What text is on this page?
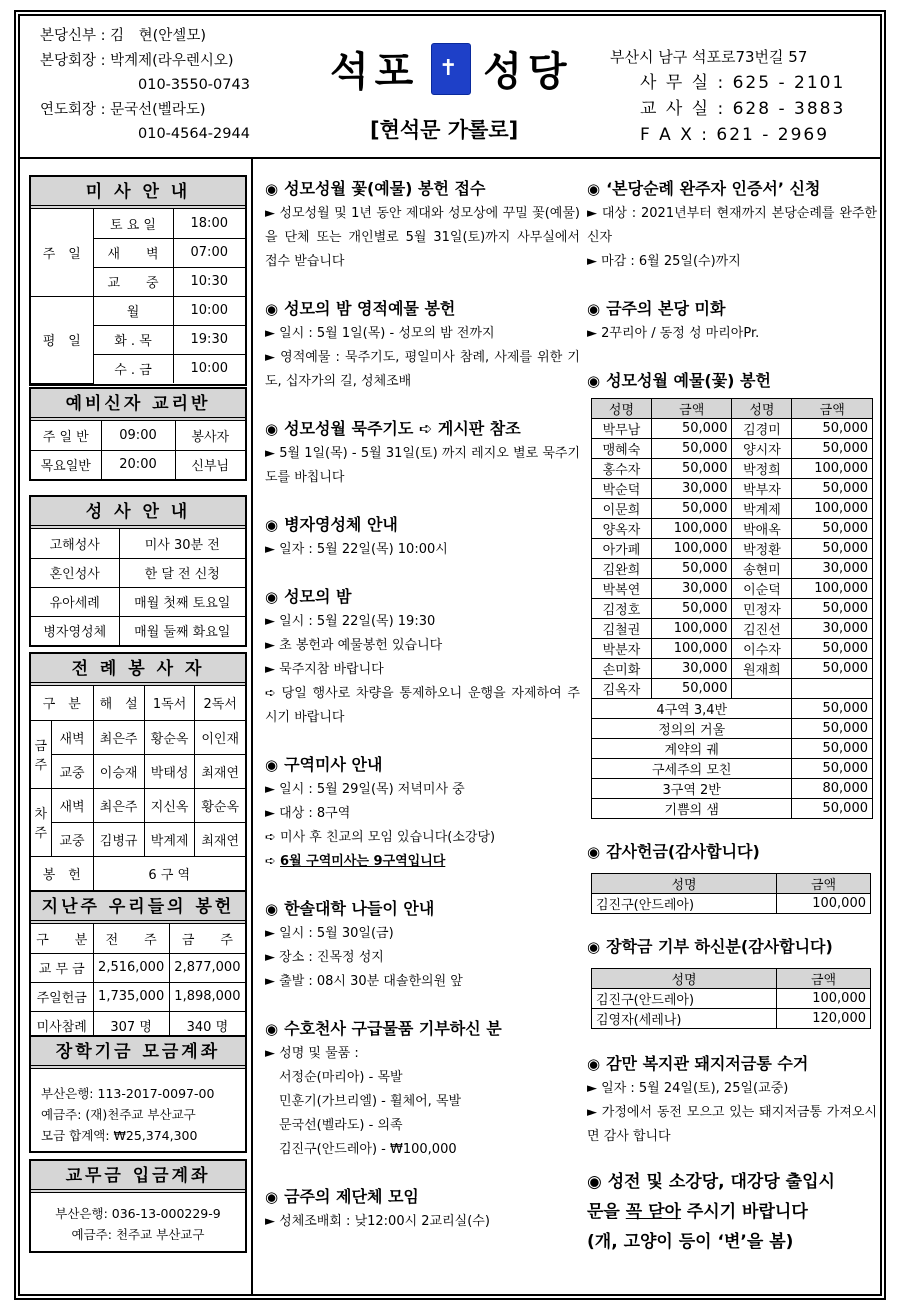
본당신부 : 김　현(안셀모)
본당회장 : 박계제(라우렌시오)
010-3550-0743
연도회장 : 문국선(벨라도)
010-4564-2944
석포 ✝ 성당
[현석문 가롤로]
부산시 남구 석포로73번길 57
사 무 실 : 625 - 2101
교 사 실 : 628 - 3883
F A X : 621 - 2969
미 사 안 내
주　일	토 요 일	18:00
	새　　벽	07:00
	교　　중	10:30
평　일	월	10:00
	화 . 목	19:30
	수 . 금	10:00
예비신자 교리반
주 일 반	09:00	봉사자
목요일반	20:00	신부님
성 사 안 내
고해성사	미사 30분 전
혼인성사	한 달 전 신청
유아세례	매월 첫째 토요일
병자영성체	매월 둘째 화요일
전 례 봉 사 자
구　분		해　설	1독서	2독서
금
주	새벽	최은주	황순옥	이인재
	교중	이승재	박태성	최재연
차
주	새벽	최은주	지신옥	황순옥
	교중	김병규	박계제	최재연
봉　헌		6 구 역		
지난주 우리들의 봉헌
구　　분	전　　주	금　　주
교 무 금	2,516,000	2,877,000
주일헌금	1,735,000	1,898,000
미사참례	307 명	340 명
장학기금 모금계좌
부산은행: 113-2017-0097-00
예금주: (재)천주교 부산교구
모금 합계액: ₩25,374,300
교무금 입금계좌
부산은행: 036-13-000229-9
예금주: 천주교 부산교구
◉ 성모성월 꽃(예물) 봉헌 접수
► 성모성월 및 1년 동안 제대와 성모상에 꾸밀 꽃(예물)을 단체 또는 개인별로 5월 31일(토)까지 사무실에서 접수 받습니다
◉ 성모의 밤 영적예물 봉헌
► 일시 : 5월 1일(목) - 성모의 밤 전까지
► 영적예물 : 묵주기도, 평일미사 참례, 사제를 위한 기도, 십자가의 길, 성체조배
◉ 성모성월 묵주기도 ➪ 게시판 참조
► 5월 1일(목) - 5월 31일(토) 까지 레지오 별로 묵주기도를 바칩니다
◉ 병자영성체 안내
► 일자 : 5월 22일(목) 10:00시
◉ 성모의 밤
► 일시 : 5월 22일(목) 19:30
► 초 봉헌과 예물봉헌 있습니다
► 묵주지참 바랍니다
➪ 당일 행사로 차량을 통제하오니 운행을 자제하여 주시기 바랍니다
◉ 구역미사 안내
► 일시 : 5월 29일(목) 저녁미사 중
► 대상 : 8구역
➪ 미사 후 친교의 모임 있습니다(소강당)
➪ 6월 구역미사는 9구역입니다
◉ 한솔대학 나들이 안내
► 일시 : 5월 30일(금)
► 장소 : 진목정 성지
► 출발 : 08시 30분 대솔한의원 앞
◉ 수호천사 구급물품 기부하신 분
► 성명 및 물품 :
서정순(마리아) - 목발
민훈기(가브리엘) - 휠체어, 목발
문국선(벨라도) - 의족
김진구(안드레아) - ₩100,000
◉ 금주의 제단체 모임
► 성체조배회 : 낮12:00시 2교리실(수)
◉ ‘본당순례 완주자 인증서’ 신청
► 대상 : 2021년부터 현재까지 본당순례를 완주한 신자
► 마감 : 6월 25일(수)까지
◉ 금주의 본당 미화
► 2꾸리아 / 동정 성 마리아Pr.
◉ 성모성월 예물(꽃) 봉헌
성명	금액	성명	금액
박무남	50,000	김경미	50,000
맹혜숙	50,000	양시자	50,000
홍수자	50,000	박정희	100,000
박순덕	30,000	박부자	50,000
이문희	50,000	박계제	100,000
양옥자	100,000	박애옥	50,000
아가페	100,000	박정환	50,000
김완희	50,000	송현미	30,000
박복연	30,000	이순덕	100,000
김정호	50,000	민정자	50,000
김철권	100,000	김진선	30,000
박분자	100,000	이수자	50,000
손미화	30,000	원재희	50,000
김옥자	50,000		
4구역 3,4반			50,000
정의의 거울			50,000
계약의 궤			50,000
구세주의 모친			50,000
3구역 2반			80,000
기쁨의 샘			50,000
◉ 감사헌금(감사합니다)
성명	금액
김진구(안드레아)	100,000
◉ 장학금 기부 하신분(감사합니다)
성명	금액
김진구(안드레아)	100,000
김영자(세레나)	120,000
◉ 감만 복지관 돼지저금통 수거
► 일자 : 5월 24일(토), 25일(교중)
► 가정에서 동전 모으고 있는 돼지저금통 가져오시면 감사 합니다
◉ 성전 및 소강당, 대강당 출입시
문을 꼭 닫아 주시기 바랍니다
(개, 고양이 등이 ‘변’을 봄)
